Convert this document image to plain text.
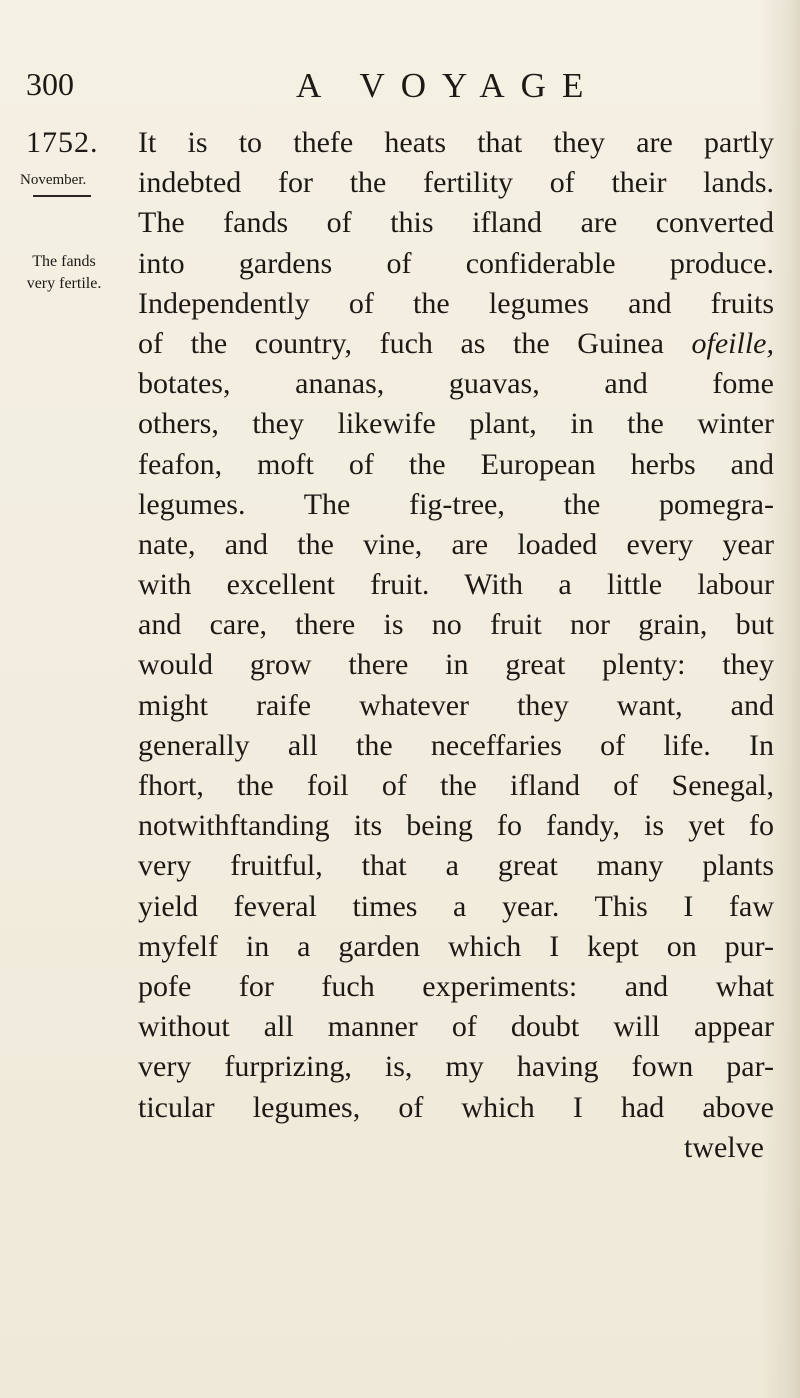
300	A VOYAGE
1752.
November.
The fands
very fertile.
It is to thefe heats that they are partly
indebted for the fertility of their lands.
The fands of this ifland are converted
into gardens of confiderable produce.
Independently of the legumes and fruits
of the country, fuch as the Guinea ofeille,
botates, ananas, guavas, and fome
others, they likewife plant, in the winter
feafon, moft of the European herbs and
legumes. The fig-tree, the pomegra-
nate, and the vine, are loaded every year
with excellent fruit. With a little labour
and care, there is no fruit nor grain, but
would grow there in great plenty: they
might raife whatever they want, and
generally all the neceffaries of life. In
fhort, the foil of the ifland of Senegal,
notwithftanding its being fo fandy, is yet fo
very fruitful, that a great many plants
yield feveral times a year. This I faw
myfelf in a garden which I kept on pur-
pofe for fuch experiments: and what
without all manner of doubt will appear
very furprizing, is, my having fown par-
ticular legumes, of which I had above
twelve
